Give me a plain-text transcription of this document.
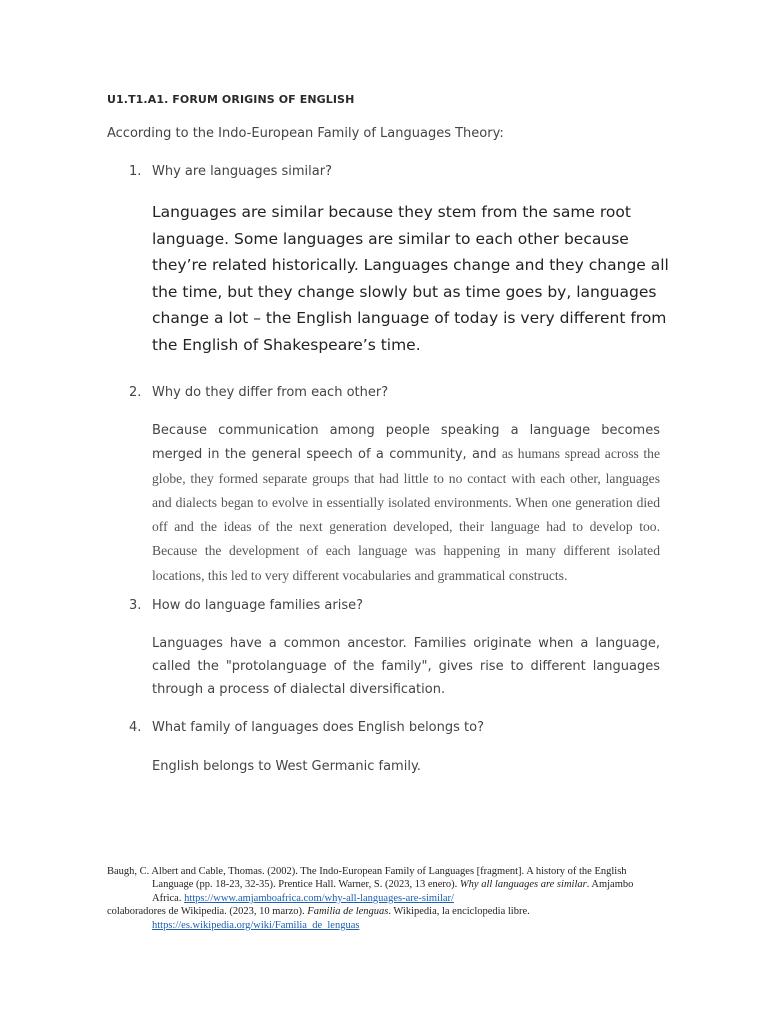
U1.T1.A1. FORUM ORIGINS OF ENGLISH
According to the Indo-European Family of Languages Theory:
1. Why are languages similar?
Languages are similar because they stem from the same root language. Some languages are similar to each other because they’re related historically. Languages change and they change all the time, but they change slowly but as time goes by, languages change a lot – the English language of today is very different from the English of Shakespeare’s time.
2. Why do they differ from each other?
Because communication among people speaking a language becomes merged in the general speech of a community, and as humans spread across the globe, they formed separate groups that had little to no contact with each other, languages and dialects began to evolve in essentially isolated environments. When one generation died off and the ideas of the next generation developed, their language had to develop too. Because the development of each language was happening in many different isolated locations, this led to very different vocabularies and grammatical constructs.
3. How do language families arise?
Languages have a common ancestor. Families originate when a language, called the "protolanguage of the family", gives rise to different languages through a process of dialectal diversification.
4. What family of languages does English belongs to?
English belongs to West Germanic family.

Baugh, C. Albert and Cable, Thomas. (2002). The Indo-European Family of Languages [fragment]. A history of the English Language (pp. 18-23, 32-35). Prentice Hall. Warner, S. (2023, 13 enero). Why all languages are similar. Amjambo Africa. https://www.amjamboafrica.com/why-all-languages-are-similar/

colaboradores de Wikipedia. (2023, 10 marzo). Familia de lenguas. Wikipedia, la enciclopedia libre.
https://es.wikipedia.org/wiki/Familia_de_lenguas
